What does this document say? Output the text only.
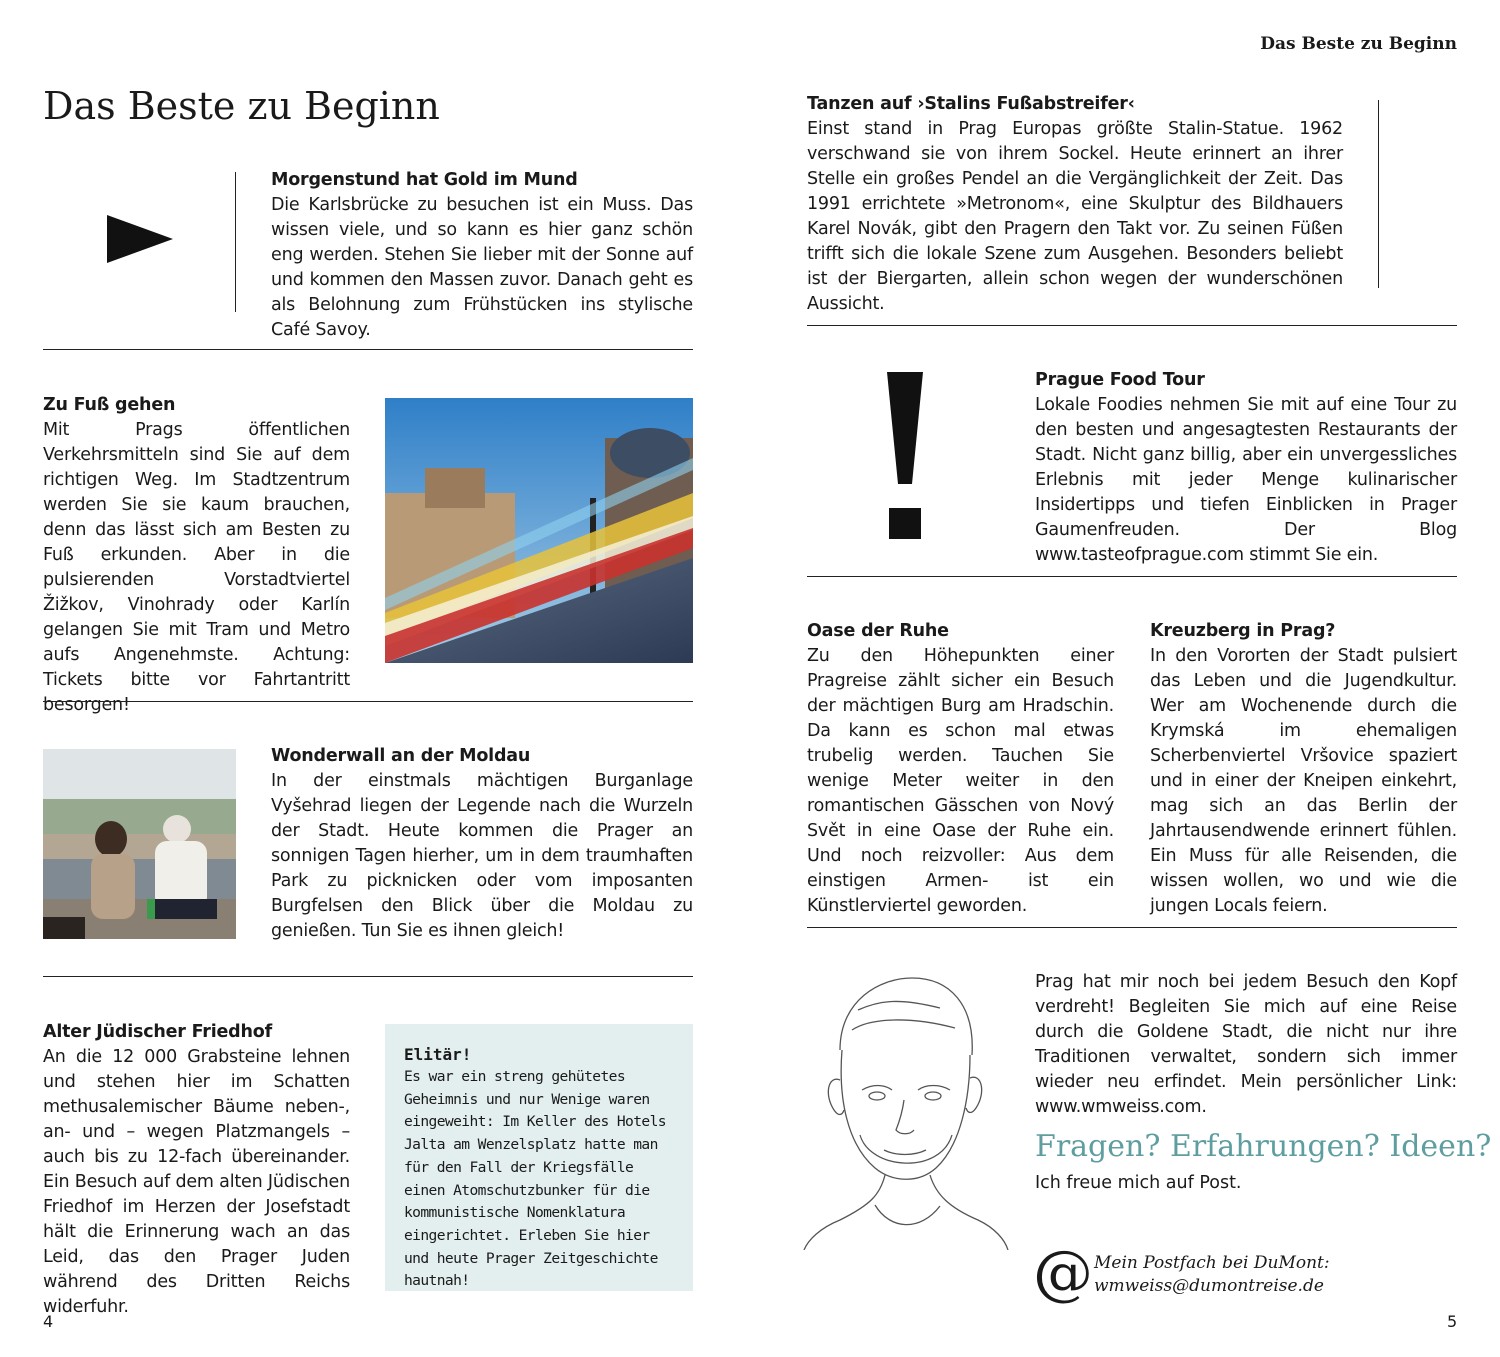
Das Beste zu Beginn
Das Beste zu Beginn
Morgenstund hat Gold im Mund

Die Karlsbrücke zu besuchen ist ein Muss. Das wissen viele, und so kann es hier ganz schön eng werden. Stehen Sie lieber mit der Sonne auf und kommen den Massen zuvor. Danach geht es als Belohnung zum Frühstücken ins stylische Café Savoy.

Zu Fuß gehen

Mit Prags öffentlichen Verkehrsmitteln sind Sie auf dem richtigen Weg. Im Stadtzentrum werden Sie sie kaum brauchen, denn das lässt sich am Besten zu Fuß erkunden. Aber in die pulsierenden Vorstadtviertel Žižkov, Vinohrady oder Karlín gelangen Sie mit Tram und Metro aufs Angenehmste. Achtung: Tickets bitte vor Fahrtantritt besorgen!

Wonderwall an der Moldau

In der einstmals mächtigen Burganlage Vyšehrad liegen der Legende nach die Wurzeln der Stadt. Heute kommen die Prager an sonnigen Tagen hierher, um in dem traumhaften Park zu picknicken oder vom imposanten Burgfelsen den Blick über die Moldau zu genießen. Tun Sie es ihnen gleich!

Alter Jüdischer Friedhof

An die 12 000 Grabsteine lehnen und stehen hier im Schatten methusalemischer Bäume neben-, an- und – wegen Platzmangels – auch bis zu 12-fach übereinander. Ein Besuch auf dem alten Jüdischen Friedhof im Herzen der Josefstadt hält die Erinnerung wach an das Leid, das den Prager Juden während des Dritten Reichs widerfuhr.

Elitär!

Es war ein streng gehütetes Geheimnis und nur Wenige waren eingeweiht: Im Keller des Hotels Jalta am Wenzelsplatz hatte man für den Fall der Kriegsfälle einen Atomschutzbunker für die kommunistische Nomenklatura eingerichtet. Erleben Sie hier und heute Prager Zeitgeschichte hautnah!

4
Tanzen auf ›Stalins Fußabstreifer‹

Einst stand in Prag Europas größte Stalin-Statue. 1962 verschwand sie von ihrem Sockel. Heute erinnert an ihrer Stelle ein großes Pendel an die Vergänglichkeit der Zeit. Das 1991 errichtete »Metronom«, eine Skulptur des Bildhauers Karel Novák, gibt den Pragern den Takt vor. Zu seinen Füßen trifft sich die lokale Szene zum Ausgehen. Besonders beliebt ist der Biergarten, allein schon wegen der wunderschönen Aussicht.

Prague Food Tour

Lokale Foodies nehmen Sie mit auf eine Tour zu den besten und angesagtesten Restaurants der Stadt. Nicht ganz billig, aber ein unvergessliches Erlebnis mit jeder Menge kulinarischer Insidertipps und tiefen Einblicken in Prager Gaumenfreuden. Der Blog www.tasteofprague.com stimmt Sie ein.

Oase der Ruhe

Zu den Höhepunkten einer Pragreise zählt sicher ein Besuch der mächtigen Burg am Hradschin. Da kann es schon mal etwas trubelig werden. Tauchen Sie wenige Meter weiter in den romantischen Gässchen von Nový Svět in eine Oase der Ruhe ein. Und noch reizvoller: Aus dem einstigen Armen- ist ein Künstlerviertel geworden.

Kreuzberg in Prag?

In den Vororten der Stadt pulsiert das Leben und die Jugendkultur. Wer am Wochenende durch die Krymská im ehemaligen Scherbenviertel Vršovice spaziert und in einer der Kneipen einkehrt, mag sich an das Berlin der Jahrtausendwende erinnert fühlen. Ein Muss für alle Reisenden, die wissen wollen, wo und wie die jungen Locals feiern.

Prag hat mir noch bei jedem Besuch den Kopf verdreht! Begleiten Sie mich auf eine Reise durch die Goldene Stadt, die nicht nur ihre Traditionen verwaltet, sondern sich immer wieder neu erfindet. Mein persönlicher Link: www.wmweiss.com.

Fragen? Erfahrungen? Ideen?
Ich freue mich auf Post.
@ Mein Postfach bei DuMont:
wmweiss@dumontreise.de
5
